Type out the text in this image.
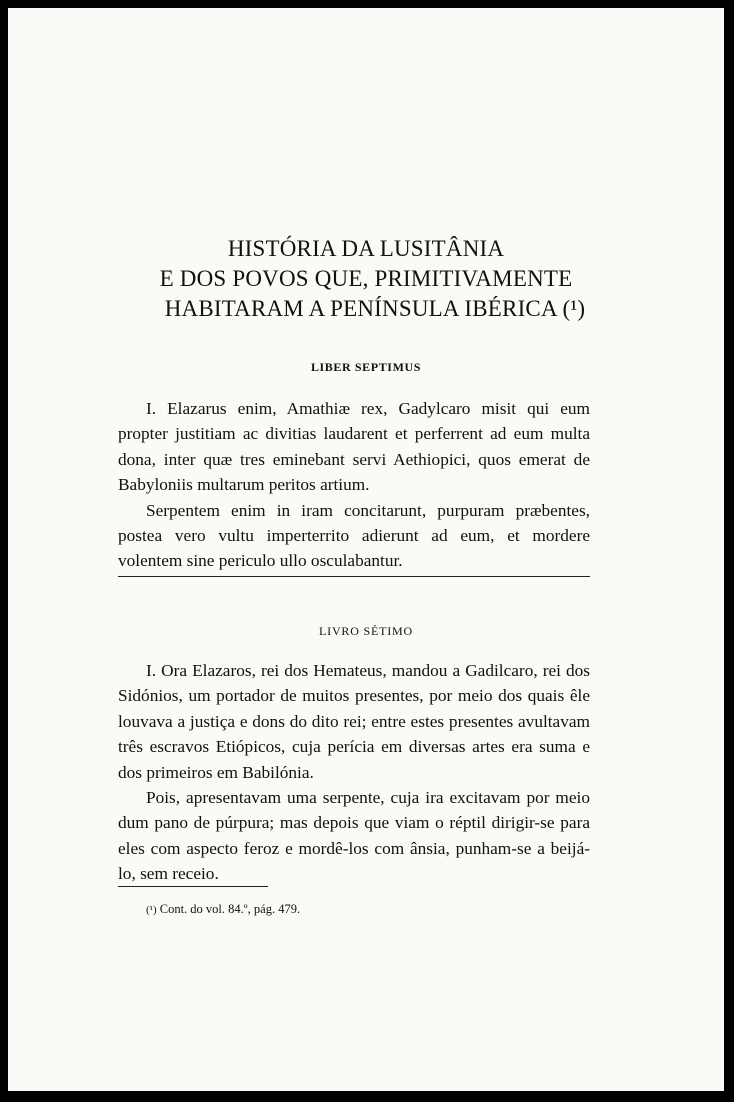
HISTÓRIA DA LUSITÂNIA
E DOS POVOS QUE, PRIMITIVAMENTE
HABITARAM A PENÍNSULA IBÉRICA (¹)
LIBER SEPTIMUS

I. Elazarus enim, Amathiæ rex, Gadylcaro misit qui eum propter justitiam ac divitias laudarent et perferrent ad eum multa dona, inter quæ tres eminebant servi Aethiopici, quos emerat de Babyloniis multarum peritos artium.

Serpentem enim in iram concitarunt, purpuram præbentes, postea vero vultu imperterrito adierunt ad eum, et mordere volentem sine periculo ullo osculabantur.

LIVRO SÉTIMO

I. Ora Elazaros, rei dos Hemateus, mandou a Gadilcaro, rei dos Sidónios, um portador de muitos presentes, por meio dos quais êle louvava a justiça e dons do dito rei; entre estes presentes avultavam três escravos Etiópicos, cuja perícia em diversas artes era suma e dos primeiros em Babilónia.

Pois, apresentavam uma serpente, cuja ira excitavam por meio dum pano de púrpura; mas depois que viam o réptil dirigir-se para eles com aspecto feroz e mordê-los com ânsia, punham-se a beijá-lo, sem receio.

(¹) Cont. do vol. 84.º, pág. 479.
